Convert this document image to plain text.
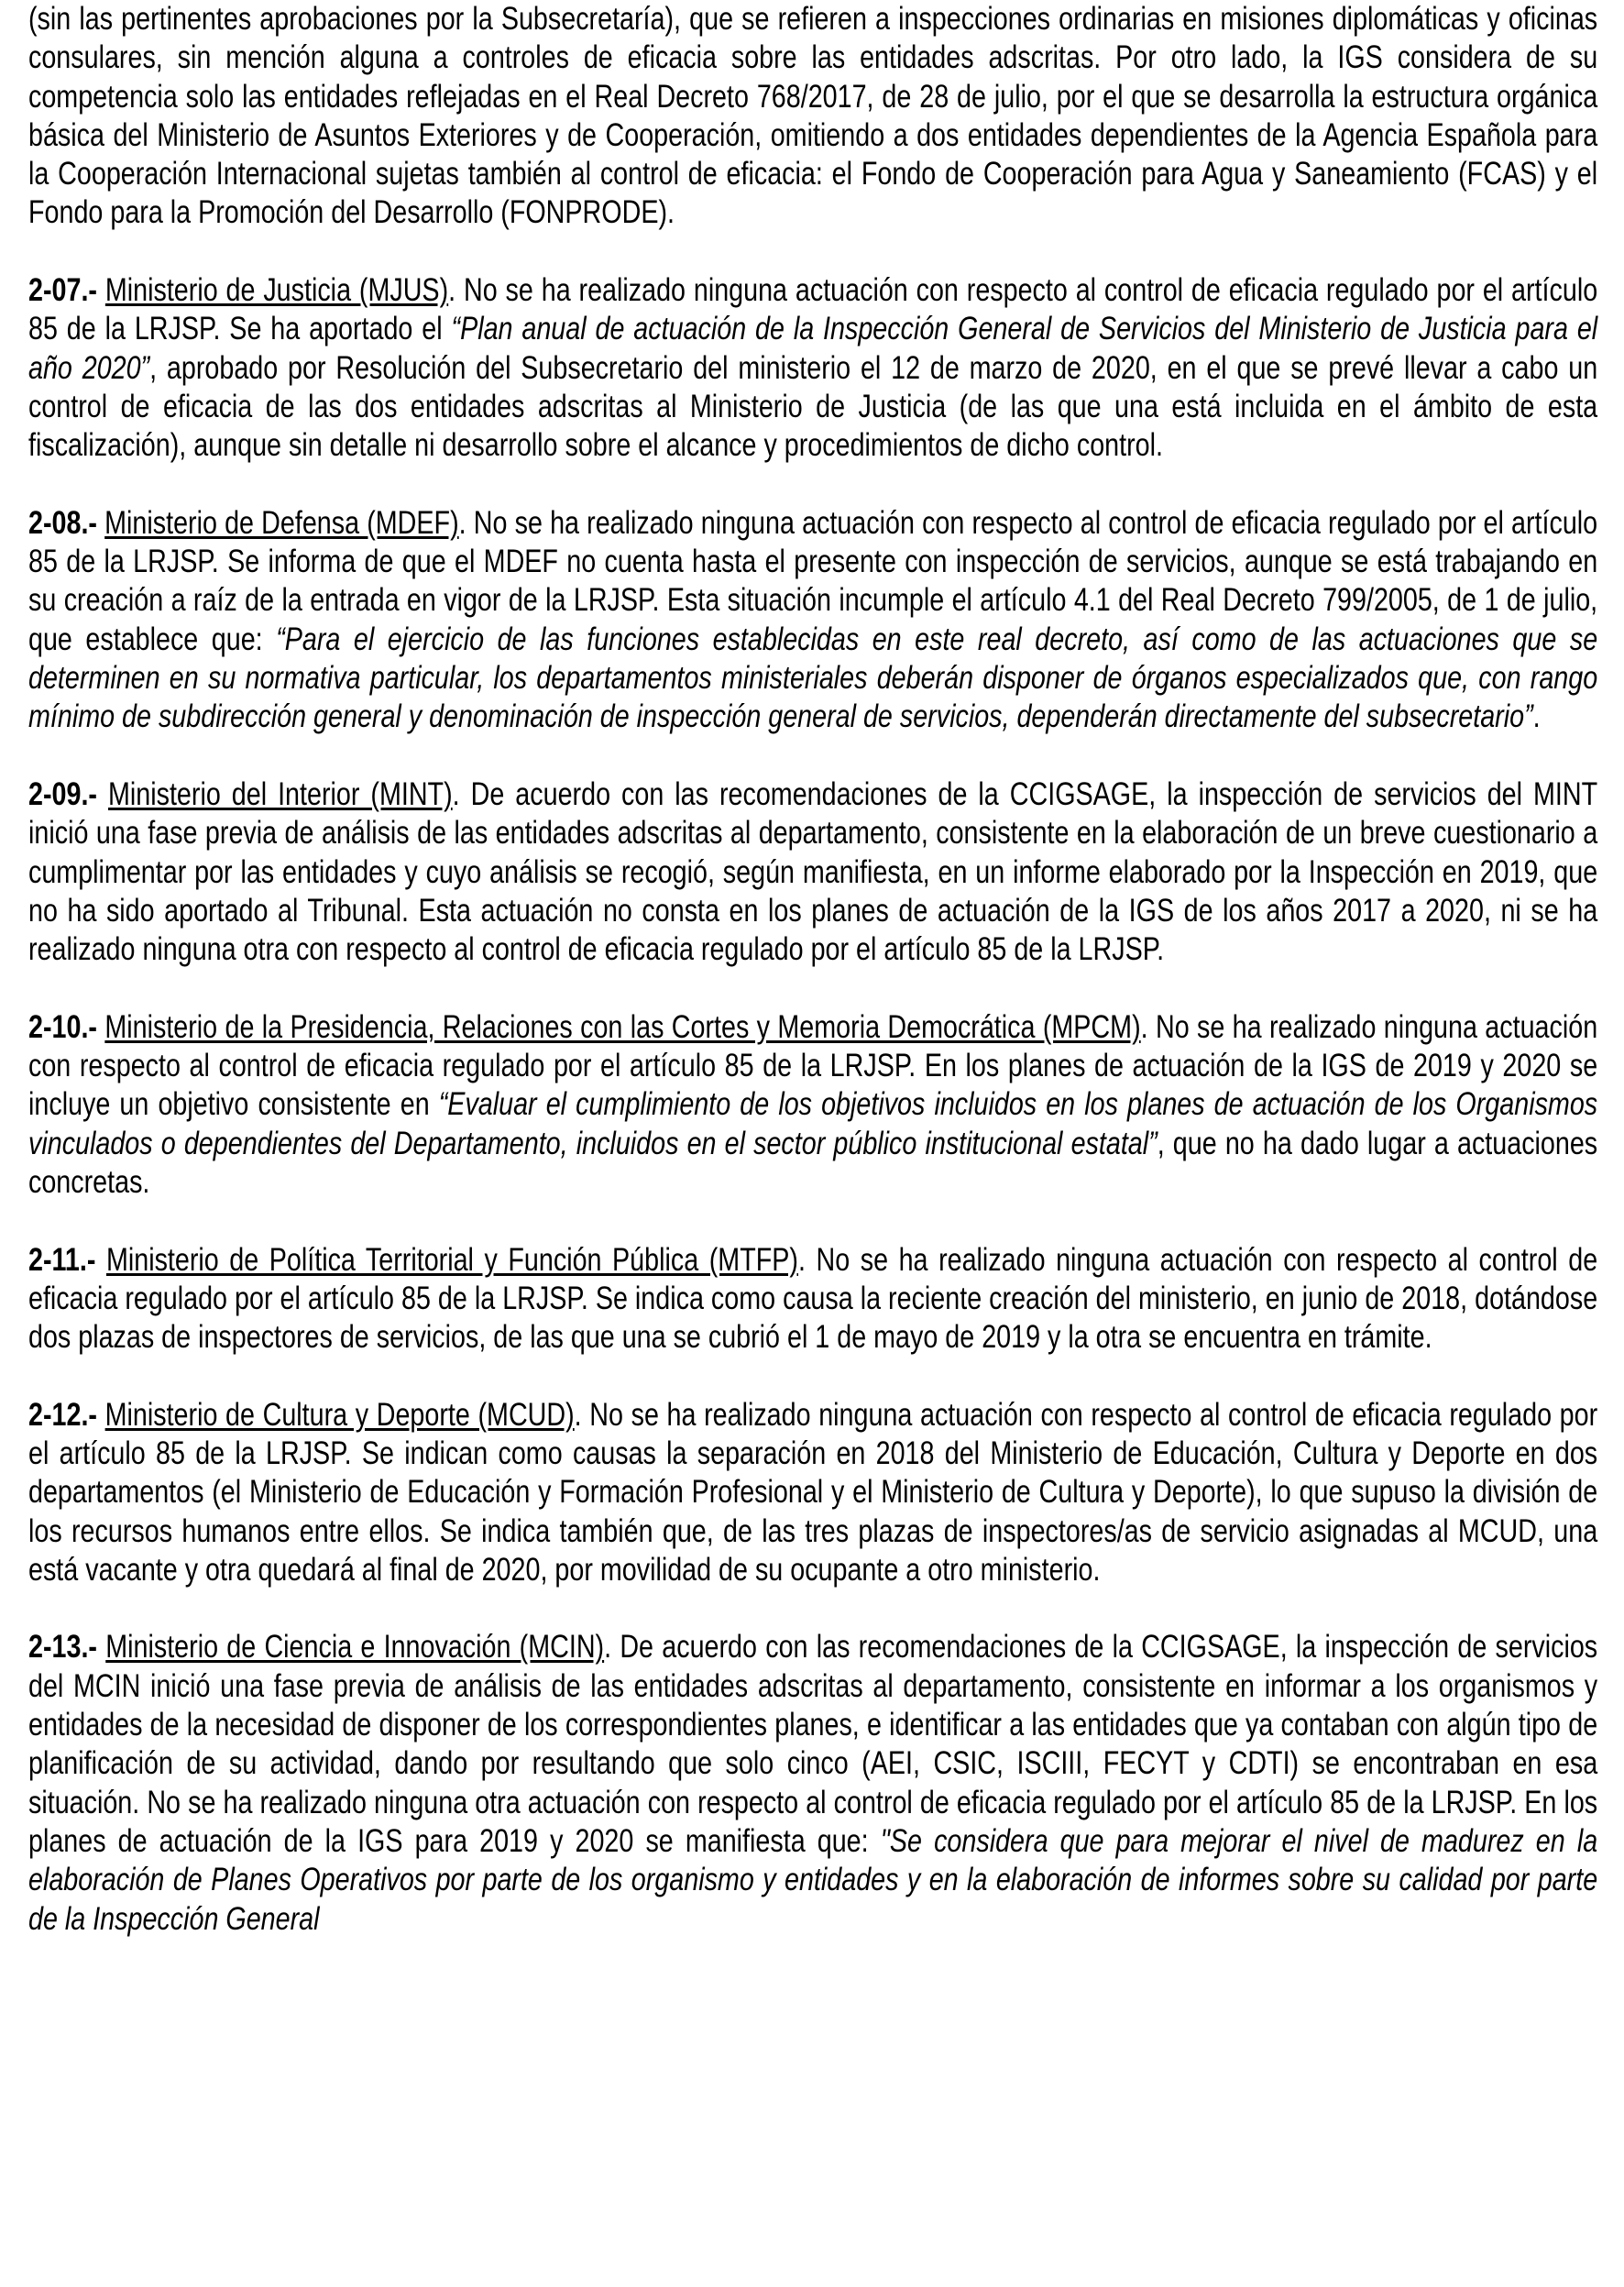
(sin las pertinentes aprobaciones por la Subsecretaría), que se refieren a inspecciones ordinarias en misiones diplomáticas y oficinas consulares, sin mención alguna a controles de eficacia sobre las entidades adscritas. Por otro lado, la IGS considera de su competencia solo las entidades reflejadas en el Real Decreto 768/2017, de 28 de julio, por el que se desarrolla la estructura orgánica básica del Ministerio de Asuntos Exteriores y de Cooperación, omitiendo a dos entidades dependientes de la Agencia Española para la Cooperación Internacional sujetas también al control de eficacia: el Fondo de Cooperación para Agua y Saneamiento (FCAS) y el Fondo para la Promoción del Desarrollo (FONPRODE).

2-07.- Ministerio de Justicia (MJUS). No se ha realizado ninguna actuación con respecto al control de eficacia regulado por el artículo 85 de la LRJSP. Se ha aportado el “Plan anual de actuación de la Inspección General de Servicios del Ministerio de Justicia para el año 2020”, aprobado por Resolución del Subsecretario del ministerio el 12 de marzo de 2020, en el que se prevé llevar a cabo un control de eficacia de las dos entidades adscritas al Ministerio de Justicia (de las que una está incluida en el ámbito de esta fiscalización), aunque sin detalle ni desarrollo sobre el alcance y procedimientos de dicho control.

2-08.- Ministerio de Defensa (MDEF). No se ha realizado ninguna actuación con respecto al control de eficacia regulado por el artículo 85 de la LRJSP. Se informa de que el MDEF no cuenta hasta el presente con inspección de servicios, aunque se está trabajando en su creación a raíz de la entrada en vigor de la LRJSP. Esta situación incumple el artículo 4.1 del Real Decreto 799/2005, de 1 de julio, que establece que: “Para el ejercicio de las funciones establecidas en este real decreto, así como de las actuaciones que se determinen en su normativa particular, los departamentos ministeriales deberán disponer de órganos especializados que, con rango mínimo de subdirección general y denominación de inspección general de servicios, dependerán directamente del subsecretario”.

2-09.- Ministerio del Interior (MINT). De acuerdo con las recomendaciones de la CCIGSAGE, la inspección de servicios del MINT inició una fase previa de análisis de las entidades adscritas al departamento, consistente en la elaboración de un breve cuestionario a cumplimentar por las entidades y cuyo análisis se recogió, según manifiesta, en un informe elaborado por la Inspección en 2019, que no ha sido aportado al Tribunal. Esta actuación no consta en los planes de actuación de la IGS de los años 2017 a 2020, ni se ha realizado ninguna otra con respecto al control de eficacia regulado por el artículo 85 de la LRJSP.

2-10.- Ministerio de la Presidencia, Relaciones con las Cortes y Memoria Democrática (MPCM). No se ha realizado ninguna actuación con respecto al control de eficacia regulado por el artículo 85 de la LRJSP. En los planes de actuación de la IGS de 2019 y 2020 se incluye un objetivo consistente en “Evaluar el cumplimiento de los objetivos incluidos en los planes de actuación de los Organismos vinculados o dependientes del Departamento, incluidos en el sector público institucional estatal”, que no ha dado lugar a actuaciones concretas.

2-11.- Ministerio de Política Territorial y Función Pública (MTFP). No se ha realizado ninguna actuación con respecto al control de eficacia regulado por el artículo 85 de la LRJSP. Se indica como causa la reciente creación del ministerio, en junio de 2018, dotándose dos plazas de inspectores de servicios, de las que una se cubrió el 1 de mayo de 2019 y la otra se encuentra en trámite.

2-12.- Ministerio de Cultura y Deporte (MCUD). No se ha realizado ninguna actuación con respecto al control de eficacia regulado por el artículo 85 de la LRJSP. Se indican como causas la separación en 2018 del Ministerio de Educación, Cultura y Deporte en dos departamentos (el Ministerio de Educación y Formación Profesional y el Ministerio de Cultura y Deporte), lo que supuso la división de los recursos humanos entre ellos. Se indica también que, de las tres plazas de inspectores/as de servicio asignadas al MCUD, una está vacante y otra quedará al final de 2020, por movilidad de su ocupante a otro ministerio.

2-13.- Ministerio de Ciencia e Innovación (MCIN). De acuerdo con las recomendaciones de la CCIGSAGE, la inspección de servicios del MCIN inició una fase previa de análisis de las entidades adscritas al departamento, consistente en informar a los organismos y entidades de la necesidad de disponer de los correspondientes planes, e identificar a las entidades que ya contaban con algún tipo de planificación de su actividad, dando por resultando que solo cinco (AEI, CSIC, ISCIII, FECYT y CDTI) se encontraban en esa situación. No se ha realizado ninguna otra actuación con respecto al control de eficacia regulado por el artículo 85 de la LRJSP. En los planes de actuación de la IGS para 2019 y 2020 se manifiesta que: "Se considera que para mejorar el nivel de madurez en la elaboración de Planes Operativos por parte de los organismo y entidades y en la elaboración de informes sobre su calidad por parte de la Inspección General
